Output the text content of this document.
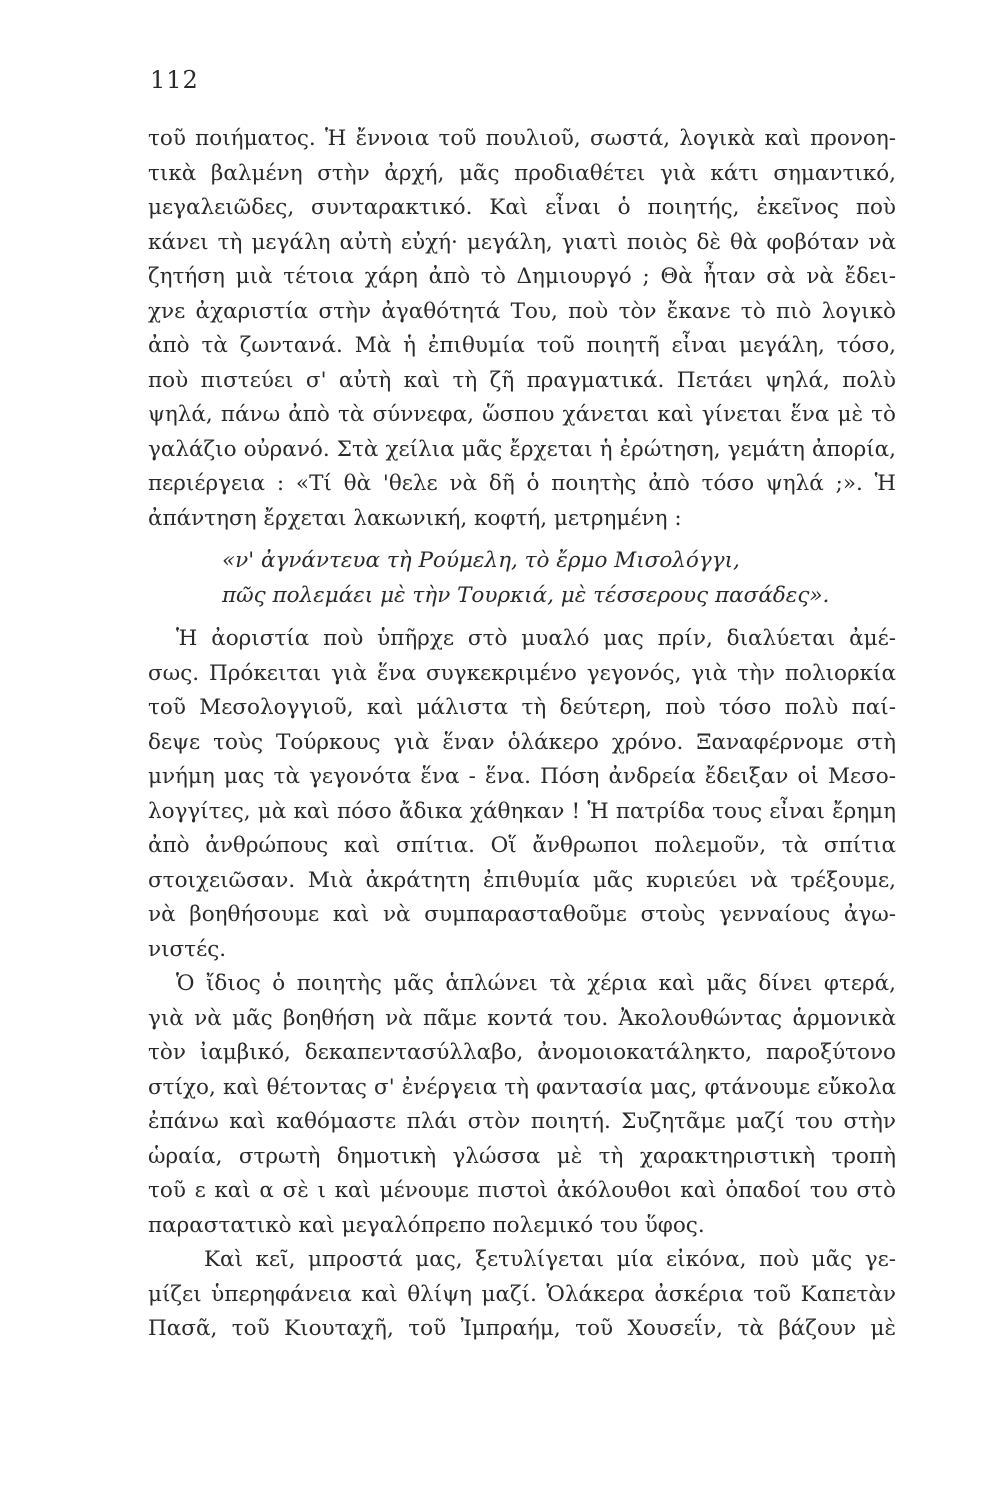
112
τοῦ ποιήματος. Ἡ ἔννοια τοῦ πουλιοῦ, σωστά, λογικὰ καὶ προνοη-
τικὰ βαλμένη στὴν ἀρχή, μᾶς προδιαθέτει γιὰ κάτι σημαντικό,
μεγαλειῶδες, συνταρακτικό. Καὶ εἶναι ὁ ποιητής, ἐκεῖνος ποὺ
κάνει τὴ μεγάλη αὐτὴ εὐχή· μεγάλη, γιατὶ ποιὸς δὲ θὰ φοβόταν νὰ
ζητήση μιὰ τέτοια χάρη ἀπὸ τὸ Δημιουργό ; Θὰ ἦταν σὰ νὰ ἔδει-
χνε ἀχαριστία στὴν ἀγαθότητά Του, ποὺ τὸν ἔκανε τὸ πιὸ λογικὸ
ἀπὸ τὰ ζωντανά. Μὰ ἡ ἐπιθυμία τοῦ ποιητῆ εἶναι μεγάλη, τόσο,
ποὺ πιστεύει σ' αὐτὴ καὶ τὴ ζῆ πραγματικά. Πετάει ψηλά, πολὺ
ψηλά, πάνω ἀπὸ τὰ σύννεφα, ὥσπου χάνεται καὶ γίνεται ἕνα μὲ τὸ
γαλάζιο οὐρανό. Στὰ χείλια μᾶς ἔρχεται ἡ ἐρώτηση, γεμάτη ἀπορία,
περιέργεια : «Τί θὰ 'θελε νὰ δῆ ὁ ποιητὴς ἀπὸ τόσο ψηλά ;». Ἡ
ἀπάντηση ἔρχεται λακωνική, κοφτή, μετρημένη :
«ν' ἀγνάντευα τὴ Ρούμελη, τὸ ἔρμο Μισολόγγι,
πῶς πολεμάει μὲ τὴν Τουρκιά, μὲ τέσσερους πασάδες».
Ἡ ἀοριστία ποὺ ὑπῆρχε στὸ μυαλό μας πρίν, διαλύεται ἀμέ-
σως. Πρόκειται γιὰ ἕνα συγκεκριμένο γεγονός, γιὰ τὴν πολιορκία
τοῦ Μεσολογγιοῦ, καὶ μάλιστα τὴ δεύτερη, ποὺ τόσο πολὺ παί-
δεψε τοὺς Τούρκους γιὰ ἕναν ὁλάκερο χρόνο. Ξαναφέρνομε στὴ
μνήμη μας τὰ γεγονότα ἕνα - ἕνα. Πόση ἀνδρεία ἔδειξαν οἱ Μεσο-
λογγίτες, μὰ καὶ πόσο ἄδικα χάθηκαν ! Ἡ πατρίδα τους εἶναι ἔρημη
ἀπὸ ἀνθρώπους καὶ σπίτια. Οἵ ἄνθρωποι πολεμοῦν, τὰ σπίτια
στοιχειῶσαν. Μιὰ ἀκράτητη ἐπιθυμία μᾶς κυριεύει νὰ τρέξουμε,
νὰ βοηθήσουμε καὶ νὰ συμπαρασταθοῦμε στοὺς γενναίους ἀγω-
νιστές.
Ὁ ἴδιος ὁ ποιητὴς μᾶς ἁπλώνει τὰ χέρια καὶ μᾶς δίνει φτερά,
γιὰ νὰ μᾶς βοηθήση νὰ πᾶμε κοντά του. Ἀκολουθώντας ἁρμονικὰ
τὸν ἰαμβικό, δεκαπεντασύλλαβο, ἀνομοιοκατάληκτο, παροξύτονο
στίχο, καὶ θέτοντας σ' ἐνέργεια τὴ φαντασία μας, φτάνουμε εὔκολα
ἐπάνω καὶ καθόμαστε πλάι στὸν ποιητή. Συζητᾶμε μαζί του στὴν
ὡραία, στρωτὴ δημοτικὴ γλώσσα μὲ τὴ χαρακτηριστικὴ τροπὴ
τοῦ ε καὶ α σὲ ι καὶ μένουμε πιστοὶ ἀκόλουθοι καὶ ὀπαδοί του στὸ
παραστατικὸ καὶ μεγαλόπρεπο πολεμικό του ὕφος.
Καὶ κεῖ, μπροστά μας, ξετυλίγεται μία εἰκόνα, ποὺ μᾶς γε-
μίζει ὑπερηφάνεια καὶ θλίψη μαζί. Ὁλάκερα ἀσκέρια τοῦ Καπετὰν
Πασᾶ, τοῦ Κιουταχῆ, τοῦ Ἰμπραήμ, τοῦ Χουσεΐν, τὰ βάζουν μὲ
